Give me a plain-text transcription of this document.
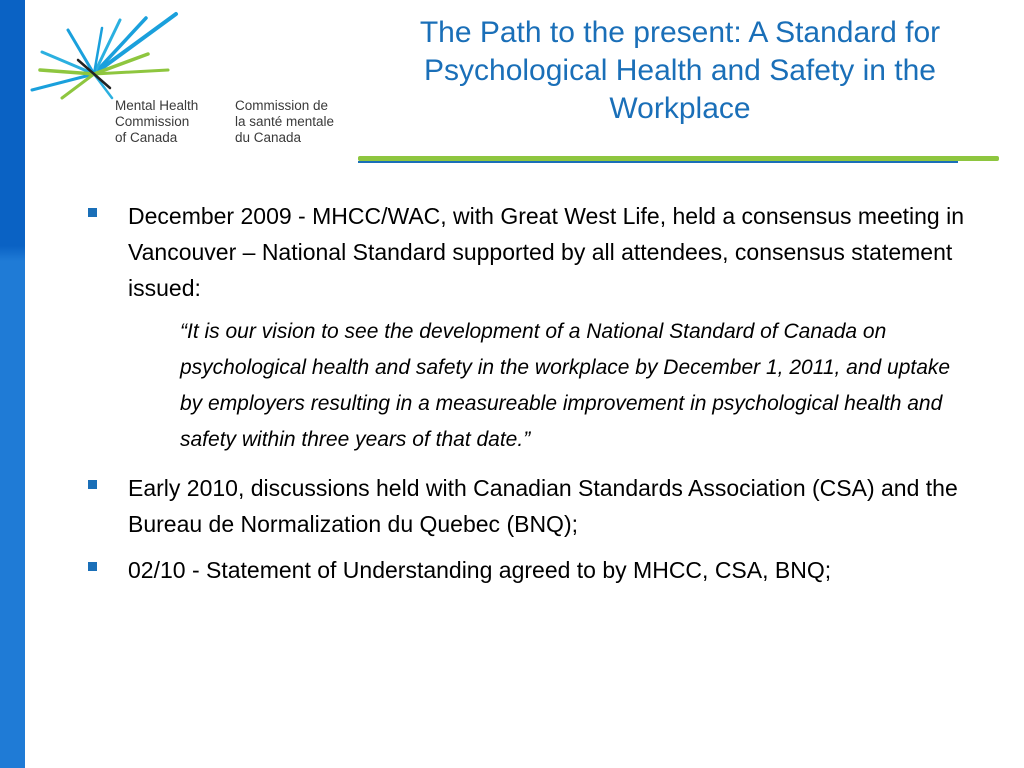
Mental Health
Commission
of Canada
Commission de
la santé mentale
du Canada
The Path to the present: A Standard for Psychological Health and Safety in the Workplace
December 2009 - MHCC/WAC, with Great West Life, held a consensus meeting in Vancouver – National Standard supported by all attendees, consensus statement issued:
“It is our vision to see the development of a National Standard of Canada on psychological health and safety in the workplace by December 1, 2011, and uptake by employers resulting in a measureable improvement in psychological health and safety within three years of that date.”
Early 2010, discussions held with Canadian Standards Association (CSA) and the Bureau de Normalization du Quebec (BNQ);
02/10 - Statement of Understanding agreed to by MHCC, CSA, BNQ;
